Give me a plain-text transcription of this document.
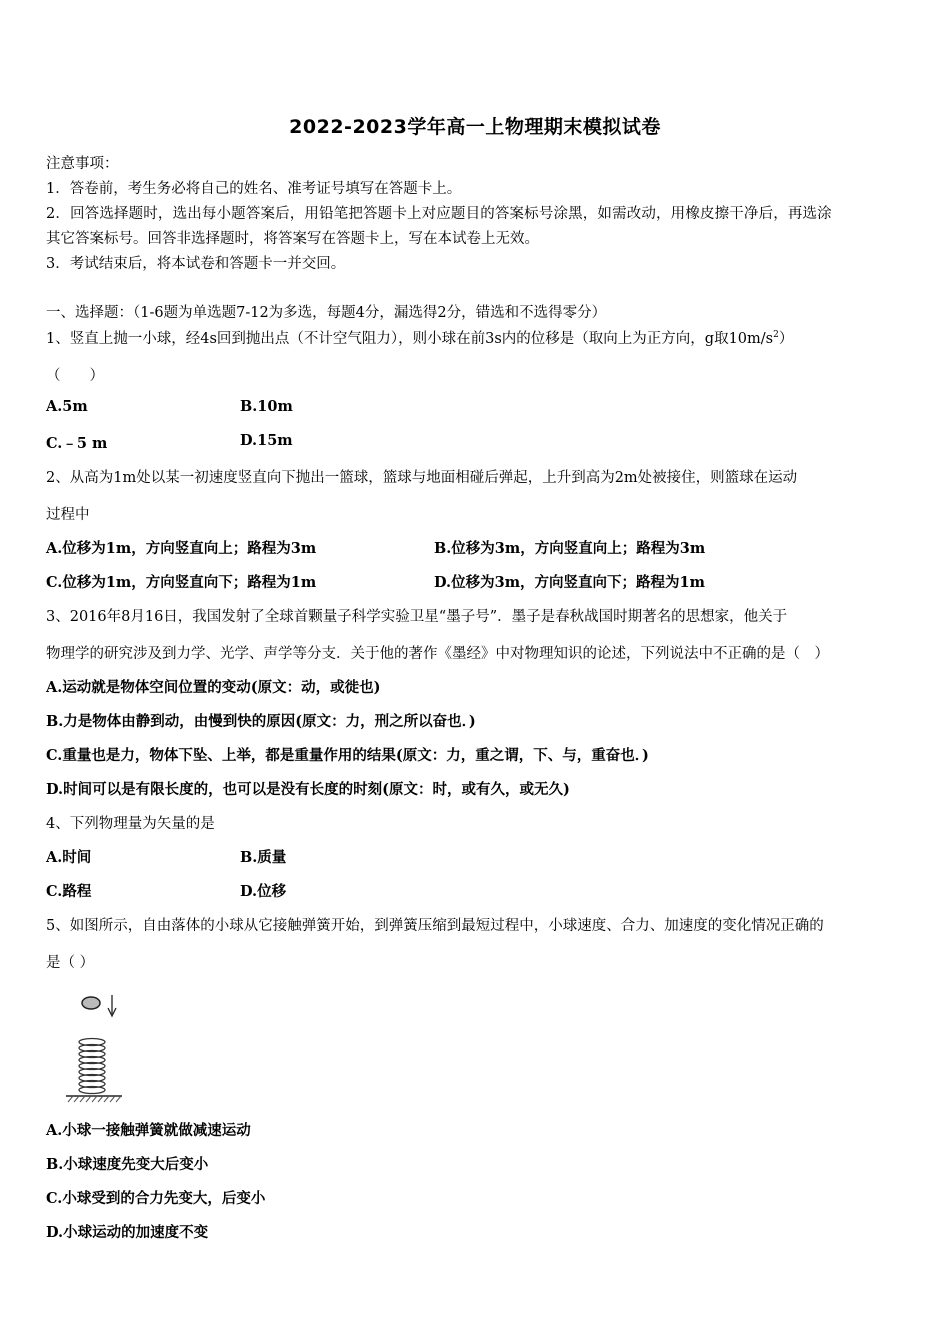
2022-2023学年高一上物理期末模拟试卷
注意事项：
1．答卷前，考生务必将自己的姓名、准考证号填写在答题卡上。
2．回答选择题时，选出每小题答案后，用铅笔把答题卡上对应题目的答案标号涂黑，如需改动，用橡皮擦干净后，再选涂
其它答案标号。回答非选择题时，将答案写在答题卡上，写在本试卷上无效。
3．考试结束后，将本试卷和答题卡一并交回。
一、选择题：（1-6题为单选题7-12为多选，每题4分，漏选得2分，错选和不选得零分）
1、竖直上抛一小球，经4s回到抛出点（不计空气阻力），则小球在前3s内的位移是（取向上为正方向，g取$10m/s^2$）
（　　）
A.5m	B.10m
C.﹣5 m	D.15m
2、从高为1m处以某一初速度竖直向下抛出一篮球，篮球与地面相碰后弹起，上升到高为2m处被接住，则篮球在运动
过程中
A.位移为1m，方向竖直向上；路程为3m	B.位移为3m，方向竖直向上；路程为3m
C.位移为1m，方向竖直向下；路程为1m	D.位移为3m，方向竖直向下；路程为1m
3、2016年8月16日，我国发射了全球首颗量子科学实验卫星“墨子号”．墨子是春秋战国时期著名的思想家，他关于
物理学的研究涉及到力学、光学、声学等分支．关于他的著作《墨经》中对物理知识的论述，下列说法中不正确的是（　）
A.运动就是物体空间位置的变动(原文：动，或徙也)
B.力是物体由静到动，由慢到快的原因(原文：力，刑之所以奋也．)
C.重量也是力，物体下坠、上举，都是重量作用的结果(原文：力，重之谓，下、与，重奋也．)
D.时间可以是有限长度的，也可以是没有长度的时刻(原文：时，或有久，或无久)
4、下列物理量为矢量的是
A.时间	B.质量
C.路程	D.位移
5、如图所示，自由落体的小球从它接触弹簧开始，到弹簧压缩到最短过程中，小球速度、合力、加速度的变化情况正确的
是（ ）
A.小球一接触弹簧就做减速运动
B.小球速度先变大后变小
C.小球受到的合力先变大，后变小
D.小球运动的加速度不变
